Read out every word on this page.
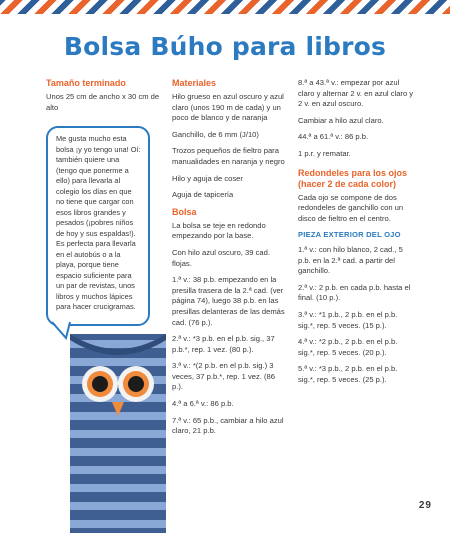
Bolsa Búho para libros
Tamaño terminado

Unos 25 cm de ancho x 30 cm de alto

Me gusta mucho esta bolsa ¡y yo tengo una! Oí: también quiere una (tengo que ponerme a ello) para llevarla al colegio los días en que no tiene que cargar con esos libros grandes y pesados (¡pobres niños de hoy y sus espaldas!). Es perfecta para llevarla en el autobús o a la playa, porque tiene espacio suficiente para un par de revistas, unos libros y muchos lápices para hacer crucigramas.
Materiales

Hilo grueso en azul oscuro y azul claro (unos 190 m de cada) y un poco de blanco y de naranja

Ganchillo, de 6 mm (J/10)

Trozos pequeños de fieltro para manualidades en naranja y negro

Hilo y aguja de coser

Aguja de tapicería

Bolsa

La bolsa se teje en redondo empezando por la base.

Con hilo azul oscuro, 39 cad. flojas.

1.ª v.: 38 p.b. empezando en la presilla trasera de la 2.ª cad. (ver página 74), luego 38 p.b. en las presillas delanteras de las demás cad. (76 p.).

2.ª v.: *3 p.b. en el p.b. sig., 37 p.b.*, rep. 1 vez. (80 p.).

3.ª v.: *(2 p.b. en el p.b. sig.) 3 veces, 37 p.b.*, rep. 1 vez. (86 p.).

4.ª a 6.ª v.: 86 p.b.

7.ª v.: 65 p.b., cambiar a hilo azul claro, 21 p.b.

8.ª a 43.ª v.: empezar por azul claro y alternar 2 v. en azul claro y 2 v. en azul oscuro.

Cambiar a hilo azul claro.

44.ª a 61.ª v.: 86 p.b.

1 p.r. y rematar.

Redondeles para los ojos (hacer 2 de cada color)

Cada ojo se compone de dos redondeles de ganchillo con un disco de fieltro en el centro.

PIEZA EXTERIOR DEL OJO

1.ª v.: con hilo blanco, 2 cad., 5 p.b. en la 2.ª cad. a partir del ganchillo.

2.ª v.: 2 p.b. en cada p.b. hasta el final. (10 p.).

3.ª v.: *1 p.b., 2 p.b. en el p.b. sig.*, rep. 5 veces. (15 p.).

4.ª v.: *2 p.b., 2 p.b. en el p.b. sig.*, rep. 5 veces. (20 p.).

5.ª v.: *3 p.b., 2 p.b. en el p.b. sig.*, rep. 5 veces. (25 p.).

29
